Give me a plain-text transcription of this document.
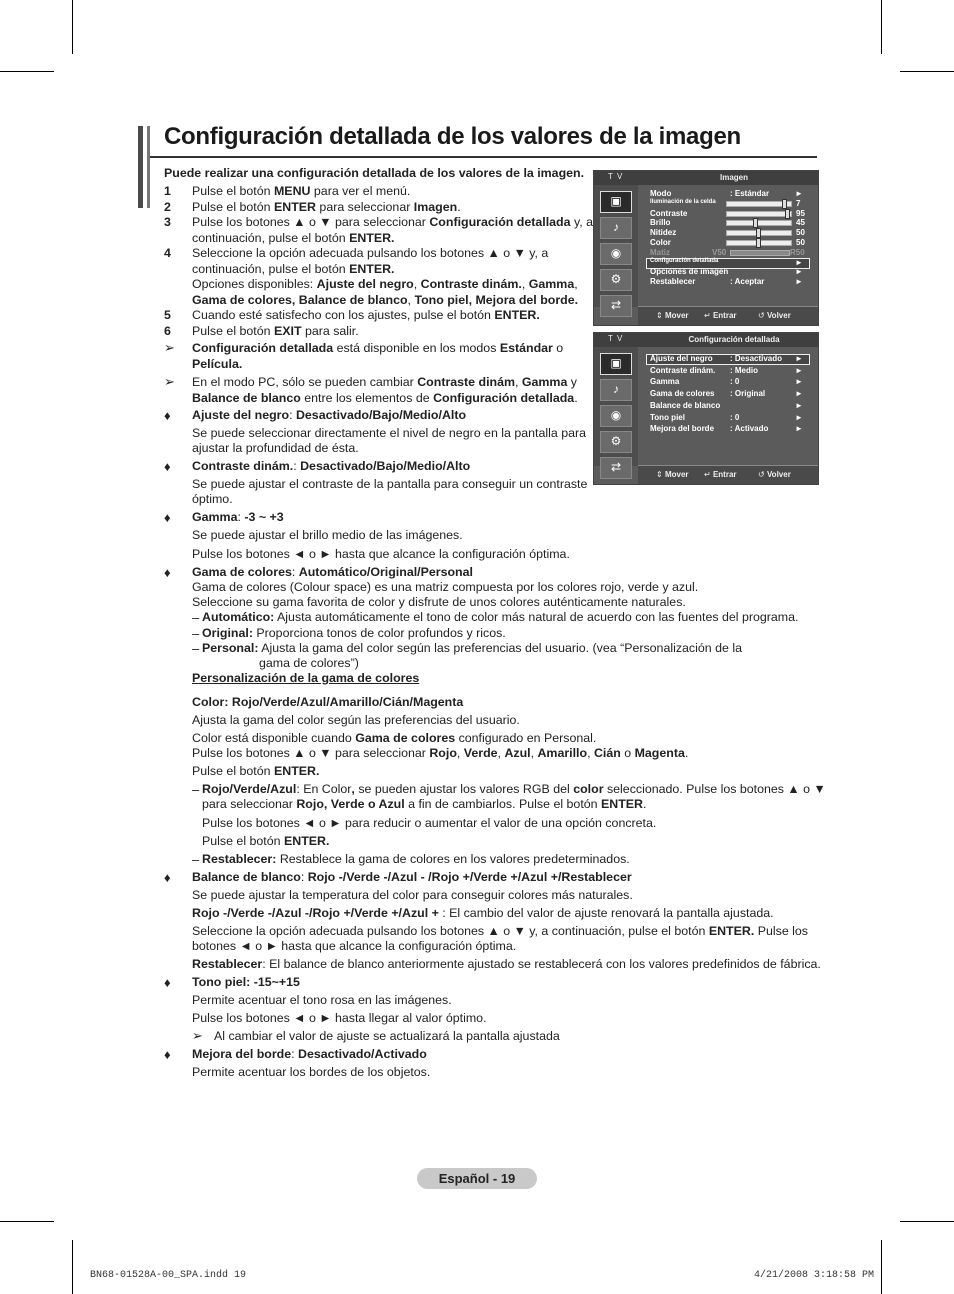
Configuración detallada de los valores de la imagen
Puede realizar una configuración detallada de los valores de la imagen.
1 Pulse el botón MENU para ver el menú.
2 Pulse el botón ENTER para seleccionar Imagen.
3 Pulse los botones ▲ o ▼ para seleccionar Configuración detallada y, a
continuación, pulse el botón ENTER.
4 Seleccione la opción adecuada pulsando los botones ▲ o ▼ y, a
continuación, pulse el botón ENTER.
Opciones disponibles: Ajuste del negro, Contraste dinám., Gamma,
Gama de colores, Balance de blanco, Tono piel, Mejora del borde.
5 Cuando esté satisfecho con los ajustes, pulse el botón ENTER.
6 Pulse el botón EXIT para salir.
➢ Configuración detallada está disponible en los modos Estándar o
Película.
➢ En el modo PC, sólo se pueden cambiar Contraste dinám, Gamma y
Balance de blanco entre los elementos de Configuración detallada.
♦ Ajuste del negro: Desactivado/Bajo/Medio/Alto
Se puede seleccionar directamente el nivel de negro en la pantalla para
ajustar la profundidad de ésta.
♦ Contraste dinám.: Desactivado/Bajo/Medio/Alto
Se puede ajustar el contraste de la pantalla para conseguir un contraste
óptimo.
♦ Gamma: -3 ~ +3
Se puede ajustar el brillo medio de las imágenes.
Pulse los botones ◄ o ► hasta que alcance la configuración óptima.
♦ Gama de colores: Automático/Original/Personal
Gama de colores (Colour space) es una matriz compuesta por los colores rojo, verde y azul.
Seleccione su gama favorita de color y disfrute de unos colores auténticamente naturales.
– Automático: Ajusta automáticamente el tono de color más natural de acuerdo con las fuentes del programa.
– Original: Proporciona tonos de color profundos y ricos.
– Personal: Ajusta la gama del color según las preferencias del usuario. (vea “Personalización de la
gama de colores”)
Personalización de la gama de colores
Color: Rojo/Verde/Azul/Amarillo/Cián/Magenta
Ajusta la gama del color según las preferencias del usuario.
Color está disponible cuando Gama de colores configurado en Personal.
Pulse los botones ▲ o ▼ para seleccionar Rojo, Verde, Azul, Amarillo, Cián o Magenta.
Pulse el botón ENTER.
– Rojo/Verde/Azul: En Color, se pueden ajustar los valores RGB del color seleccionado. Pulse los botones ▲ o ▼
para seleccionar Rojo, Verde o Azul a fin de cambiarlos. Pulse el botón ENTER.
Pulse los botones ◄ o ► para reducir o aumentar el valor de una opción concreta.
Pulse el botón ENTER.
– Restablecer: Restablece la gama de colores en los valores predeterminados.
♦ Balance de blanco: Rojo -/Verde -/Azul - /Rojo +/Verde +/Azul +/Restablecer
Se puede ajustar la temperatura del color para conseguir colores más naturales.
Rojo -/Verde -/Azul -/Rojo +/Verde +/Azul + : El cambio del valor de ajuste renovará la pantalla ajustada.
Seleccione la opción adecuada pulsando los botones ▲ o ▼ y, a continuación, pulse el botón ENTER. Pulse los
botones ◄ o ► hasta que alcance la configuración óptima.
Restablecer: El balance de blanco anteriormente ajustado se restablecerá con los valores predefinidos de fábrica.
♦ Tono piel: -15~+15
Permite acentuar el tono rosa en las imágenes.
Pulse los botones ◄ o ► hasta llegar al valor óptimo.
➢ Al cambiar el valor de ajuste se actualizará la pantalla ajustada
♦ Mejora del borde: Desactivado/Activado
Permite acentuar los bordes de los objetos.
T V	Imagen
▣
♪
◉
⚙
⇄
Modo	: Estándar	►
Iluminación de la celda	7
Contraste	95
Brillo	45
Nitidez	50
Color	50
Matiz	V50	R50
Configuración detallada	►
Opciones de imagen	►
Restablecer	: Aceptar	►
⇕ Mover ↵ Entrar	↺ Volver
T V	Configuración detallada
▣
♪
◉
⚙
⇄
Ajuste del negro : Desactivado ►
Contraste dinám. : Medio	►
Gamma	: 0	►
Gama de colores : Original	►
Balance de blanco	►
Tono piel	: 0	►
Mejora del borde : Activado	►
⇕ Mover ↵ Entrar	↺ Volver
Español - 19
BN68-01528A-00_SPA.indd 19	4/21/2008 3:18:58 PM
